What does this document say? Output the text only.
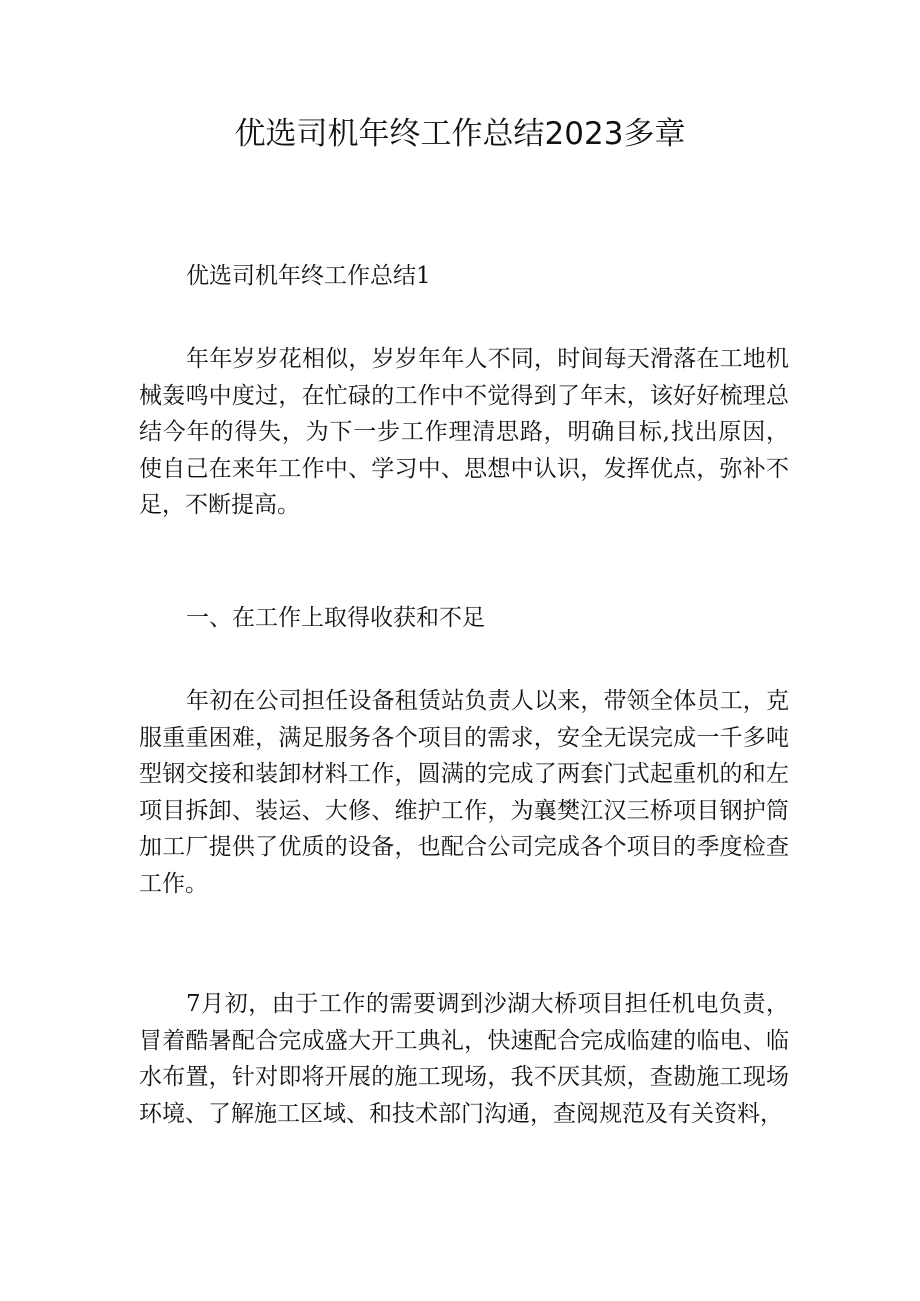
优选司机年终工作总结2023多章

优选司机年终工作总结1

年年岁岁花相似，岁岁年年人不同，时间每天滑落在工地机械轰鸣中度过，在忙碌的工作中不觉得到了年末，该好好梳理总结今年的得失，为下一步工作理清思路，明确目标,找出原因，使自己在来年工作中、学习中、思想中认识，发挥优点，弥补不足，不断提高。

一、在工作上取得收获和不足

年初在公司担任设备租赁站负责人以来，带领全体员工，克服重重困难，满足服务各个项目的需求，安全无误完成一千多吨型钢交接和装卸材料工作，圆满的完成了两套门式起重机的和左项目拆卸、装运、大修、维护工作，为襄樊江汉三桥项目钢护筒加工厂提供了优质的设备，也配合公司完成各个项目的季度检查工作。

7月初，由于工作的需要调到沙湖大桥项目担任机电负责，冒着酷暑配合完成盛大开工典礼，快速配合完成临建的临电、临水布置，针对即将开展的施工现场，我不厌其烦，查勘施工现场环境、了解施工区域、和技术部门沟通，查阅规范及有关资料，
